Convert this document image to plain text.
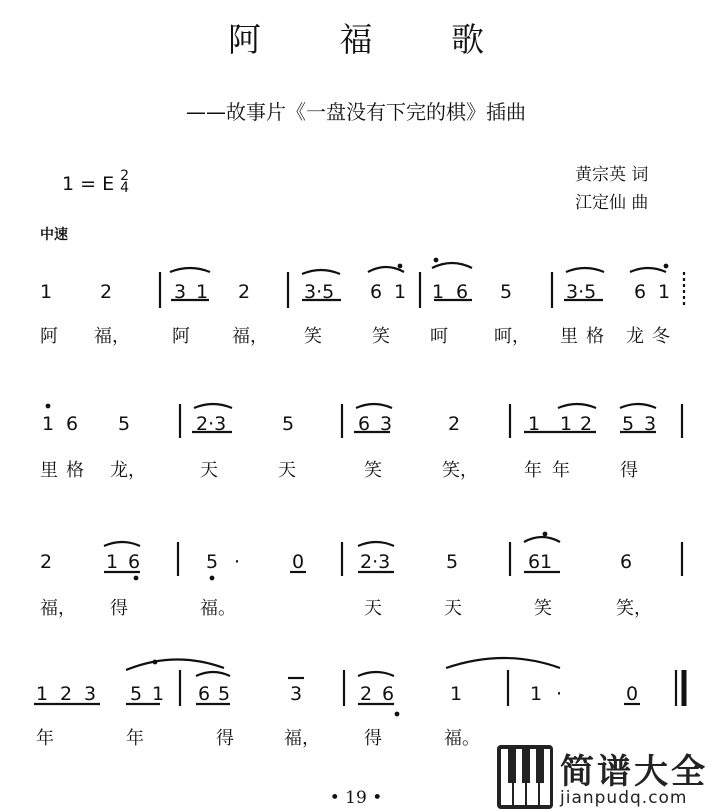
阿 福 歌
——故事片《一盘没有下完的棋》插曲
1 = E 2
4
黄宗英 词
江定仙 曲
中速
1	2	3 1 2	3·5 6 1 1 6 5	3·5 6 1
阿 福， 阿 福， 笑	笑 呵	呵， 里 格 龙 冬
1 6 5	2·3	5	6 3	2	1 1 2 5 3
里 格 龙，	天	天	笑	笑，	年 年	得
2	1 6	5 ·	0	2·3	5	6 1	6
福， 得	福。	天	天	笑	笑，
1 2 3 5 1 6 5	3	2 6	1	1 ·	0
年	年	得	福， 得	福。
• 19 •
简谱大全
jianpudq.com
